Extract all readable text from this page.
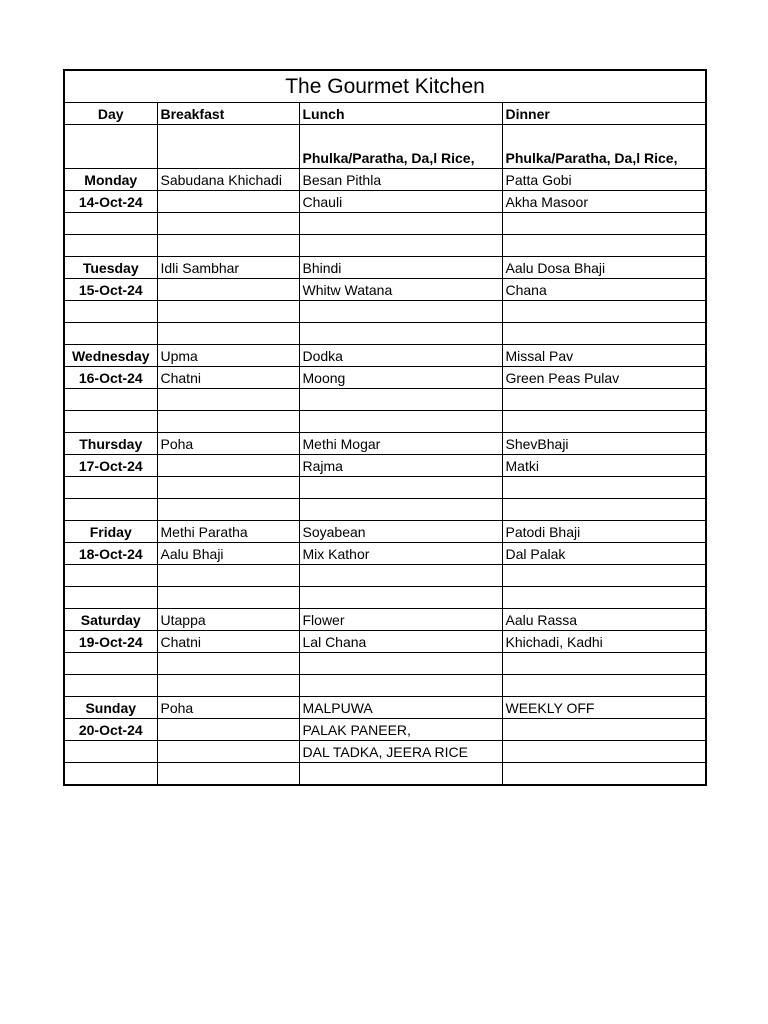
The Gourmet Kitchen			
Day	Breakfast	Lunch	Dinner
		Phulka/Paratha, Da,l Rice,	Phulka/Paratha, Da,l Rice,
Monday	Sabudana Khichadi	Besan Pithla	Patta Gobi
14-Oct-24		Chauli	Akha Masoor

Tuesday	Idli Sambhar	Bhindi	Aalu Dosa Bhaji
15-Oct-24		Whitw Watana	Chana

Wednesday	Upma	Dodka	Missal Pav
16-Oct-24	Chatni	Moong	Green Peas Pulav

Thursday	Poha	Methi Mogar	ShevBhaji
17-Oct-24		Rajma	Matki

Friday	Methi Paratha	Soyabean	Patodi Bhaji
18-Oct-24	Aalu Bhaji	Mix Kathor	Dal Palak

Saturday	Utappa	Flower	Aalu Rassa
19-Oct-24	Chatni	Lal Chana	Khichadi, Kadhi

Sunday	Poha	MALPUWA	WEEKLY OFF
20-Oct-24		PALAK PANEER,	
		DAL TADKA, JEERA RICE	
